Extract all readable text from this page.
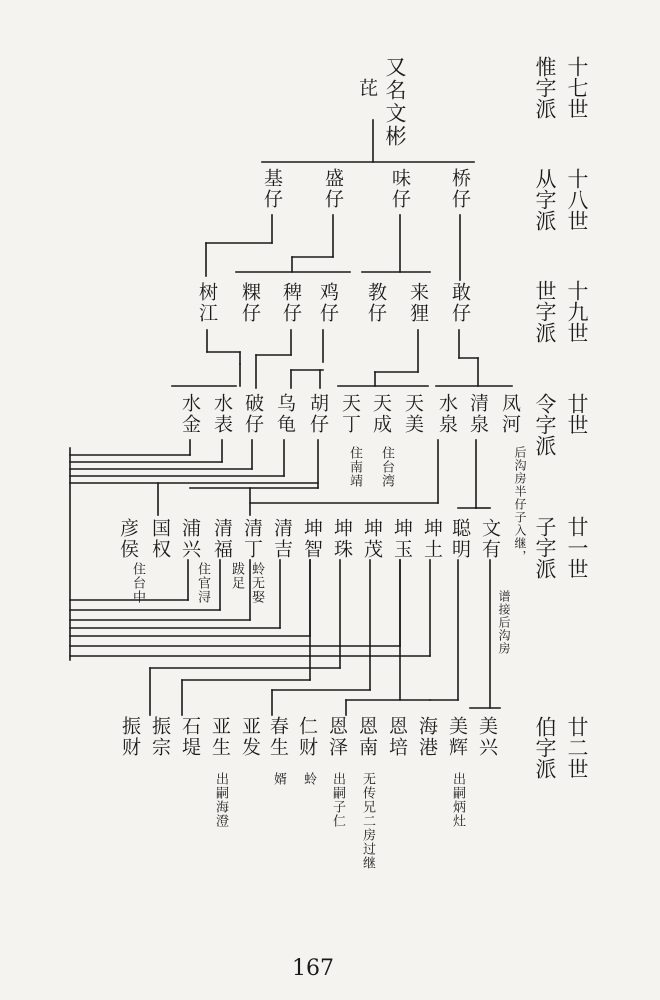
十七世
惟字派
十八世
从字派
十九世
世字派
廿世
令字派
廿一世
子字派
廿二世
伯字派
又名文彬
芘
基仔 盛仔 味仔 桥仔
树江 粿仔 稗仔 鸡仔 教仔 来狸 敢仔
水金 水表 破仔 乌龟 胡仔 天丁 天成 天美 水泉 清泉 凤河
住南靖 住台湾	后沟房半仔子入继，
谱接后沟房
彦侯 国权 浦兴 清福 清丁 清吉 坤智 坤珠 坤茂 坤玉 坤土 聪明 文有
住台中	住官浔	蛉无娶
跋足
振财 振宗 石堤 亚生 亚发 春生 仁财 恩泽 恩南 恩培 海港 美辉 美兴
出嗣海澄	婿 蛉 出嗣子仁 无传兄二房过继	出嗣炳灶
167
